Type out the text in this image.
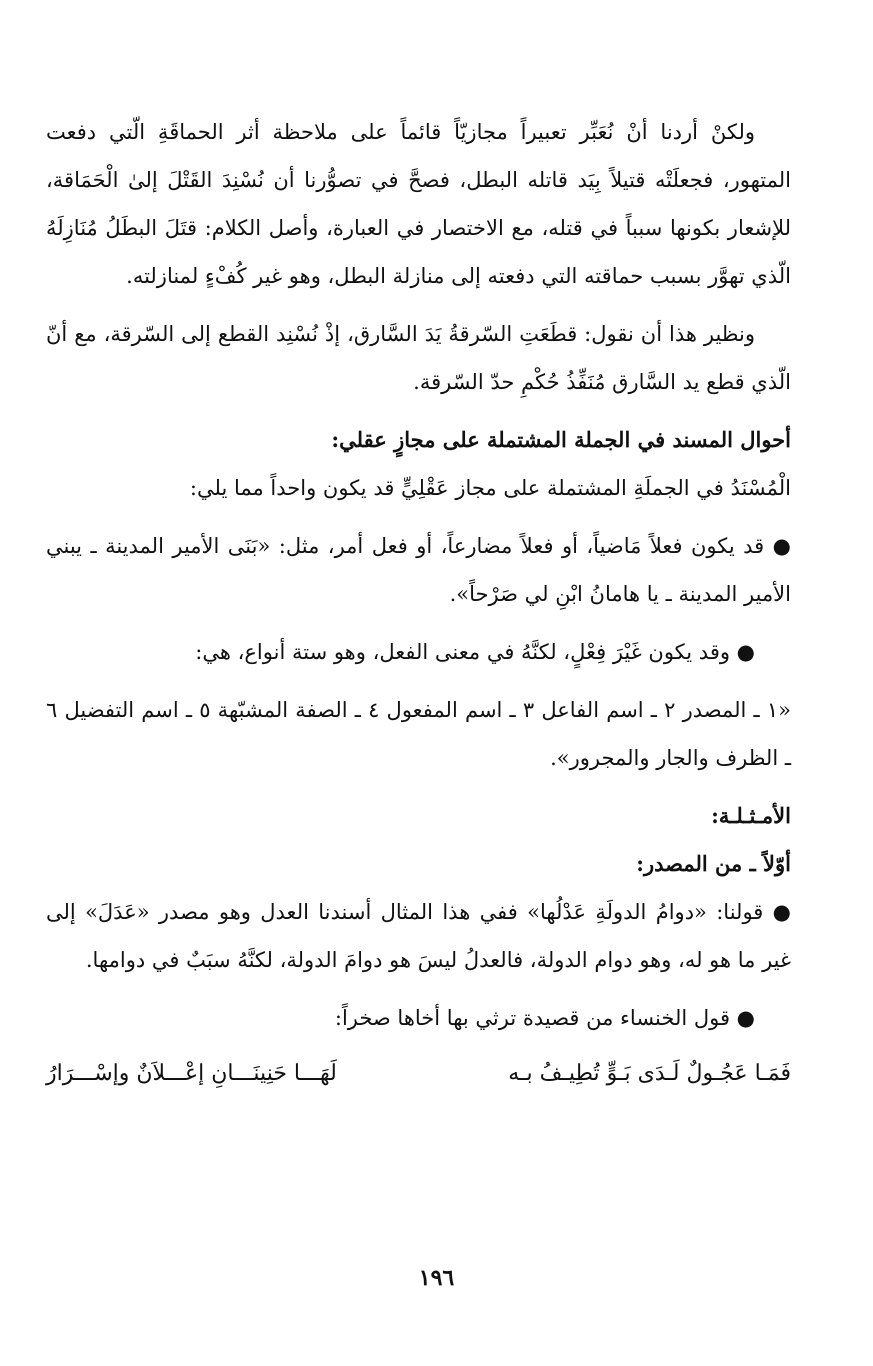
ولكنْ أردنا أنْ نُعَبِّر تعبيراً مجازيّاً قائماً على ملاحظة أثر الحماقَةِ الّتي دفعت المتهور، فجعلَتْه قتيلاً بِيَد قاتله البطل، فصحَّ في تصوُّرنا أن نُسْنِدَ القَتْلَ إلىٰ الْحَمَاقة، للإشعار بكونها سبباً في قتله، مع الاختصار في العبارة، وأصل الكلام: قتَلَ البطَلُ مُنَازِلَهُ الّذي تهوَّر بسبب حماقته التي دفعته إلى منازلة البطل، وهو غير كُفْءٍ لمنازلته.

ونظير هذا أن نقول: قطَعَتِ السّرقةُ يَدَ السَّارق، إذْ نُسْنِد القطع إلى السّرقة، مع أنّ الّذي قطع يد السَّارق مُنَفِّذُ حُكْمِ حدّ السّرقة.

أحوال المسند في الجملة المشتملة على مجازٍ عقلي:

الْمُسْنَدُ في الجملَةِ المشتملة على مجاز عَقْلِيٍّ قد يكون واحداً مما يلي:

● قد يكون فعلاً مَاضياً، أو فعلاً مضارعاً، أو فعل أمر، مثل: «بَنَى الأمير المدينة ـ يبني الأمير المدينة ـ يا هامانُ ابْنِ لي صَرْحاً».

● وقد يكون غَيْرَ فِعْلٍ، لكنَّهُ في معنى الفعل، وهو ستة أنواع، هي:

«١ ـ المصدر ٢ ـ اسم الفاعل ٣ ـ اسم المفعول ٤ ـ الصفة المشبّهة ٥ ـ اسم التفضيل ٦ ـ الظرف والجار والمجرور».

الأمـثـلـة:

أوّلاً ـ من المصدر:

● قولنا: «دوامُ الدولَةِ عَدْلُها» ففي هذا المثال أسندنا العدل وهو مصدر «عَدَلَ» إلى غير ما هو له، وهو دوام الدولة، فالعدلُ ليسَ هو دوامَ الدولة، لكنَّهُ سبَبٌ في دوامها.

● قول الخنساء من قصيدة ترثي بها أخاها صخراً:

فَمَـا عَجُـولٌ لَـدَى بَـوٍّ تُطِيـفُ بـه
لَهَـــا حَنِينَـــانِ إعْـــلاَنٌ وإسْـــرَارُ
١٩٦
